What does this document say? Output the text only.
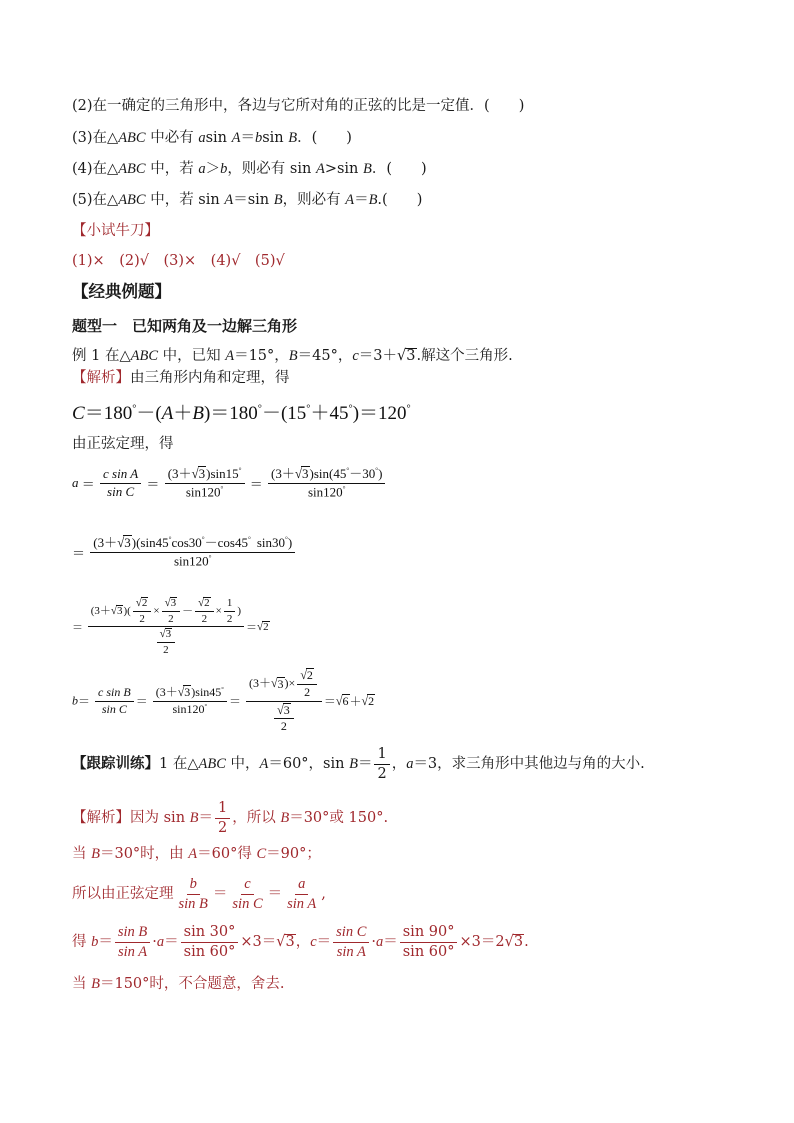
(2)在一确定的三角形中，各边与它所对角的正弦的比是一定值．(　　)
(3)在△ABC 中必有 asin A＝bsin B．(　　)
(4)在△ABC 中，若 a＞b，则必有 sin A>sin B．(　　)
(5)在△ABC 中，若 sin A＝sin B，则必有 A＝B.(　　)
【小试牛刀】
(1)×　(2)√　(3)×　(4)√　(5)√
【经典例题】
题型一　已知两角及一边解三角形
例 1 在△ABC 中，已知 A＝15°，B＝45°，c＝3＋√3.解这个三角形.
【解析】由三角形内角和定理，得
C＝180°－(A＋B)＝180°－(15°＋45°)＝120°
由正弦定理，得
$a = \frac{\text{c sin A}}{\text{sin C}} = \frac{(3+√3)\sin 15^\circ}{\sin 120^\circ} = \frac{(3+√3)\sin(45^\circ-30^\circ)}{\sin 120^\circ}$
＝ $\frac{(3+√3)(\sin 45^\circ\cos 30^\circ-\cos 45^\circ \sin 30^\circ)}{\sin 120^\circ}$
＝ $\frac{(3+√3)( \frac{√2}{2} \times \frac{√3}{2} - \frac{√2}{2} \times \frac{1}{2} )}{\frac{√3}{2}} =√2$
$b= \frac{\text{c sin B}}{\text{sin C}} = \frac{(3+√3)\sin 45^\circ}{\sin 120^\circ} = \frac{(3+√3)\times \frac{√2}{2}}{\frac{√3}{2}} =√6+√2$
【跟踪训练】1 在△ABC 中，A＝60°，$\sin B= \frac{1}{2}$ ，a＝3，求三角形中其他边与角的大小.
【解析】因为 $\sin B= \frac{1}{2}$ ，所以 B＝30°或 150°.
当 B＝30°时，由 A＝60°得 C＝90°；
所以由正弦定理 $\frac{b}{\text{sin B}} = \frac{c}{\text{sin C}} = \frac{a}{\text{sin A}}$ ,
得 $b= \frac{\text{sin B}}{\text{sin A}} \cdot a= \frac{\sin 30^\circ}{\sin 60^\circ} \times 3=√3$，$c= \frac{\text{sin C}}{\text{sin A}} \cdot a= \frac{\sin 90^\circ}{\sin 60^\circ} \times 3=2√3$.
当 B＝150°时，不合题意，舍去.
